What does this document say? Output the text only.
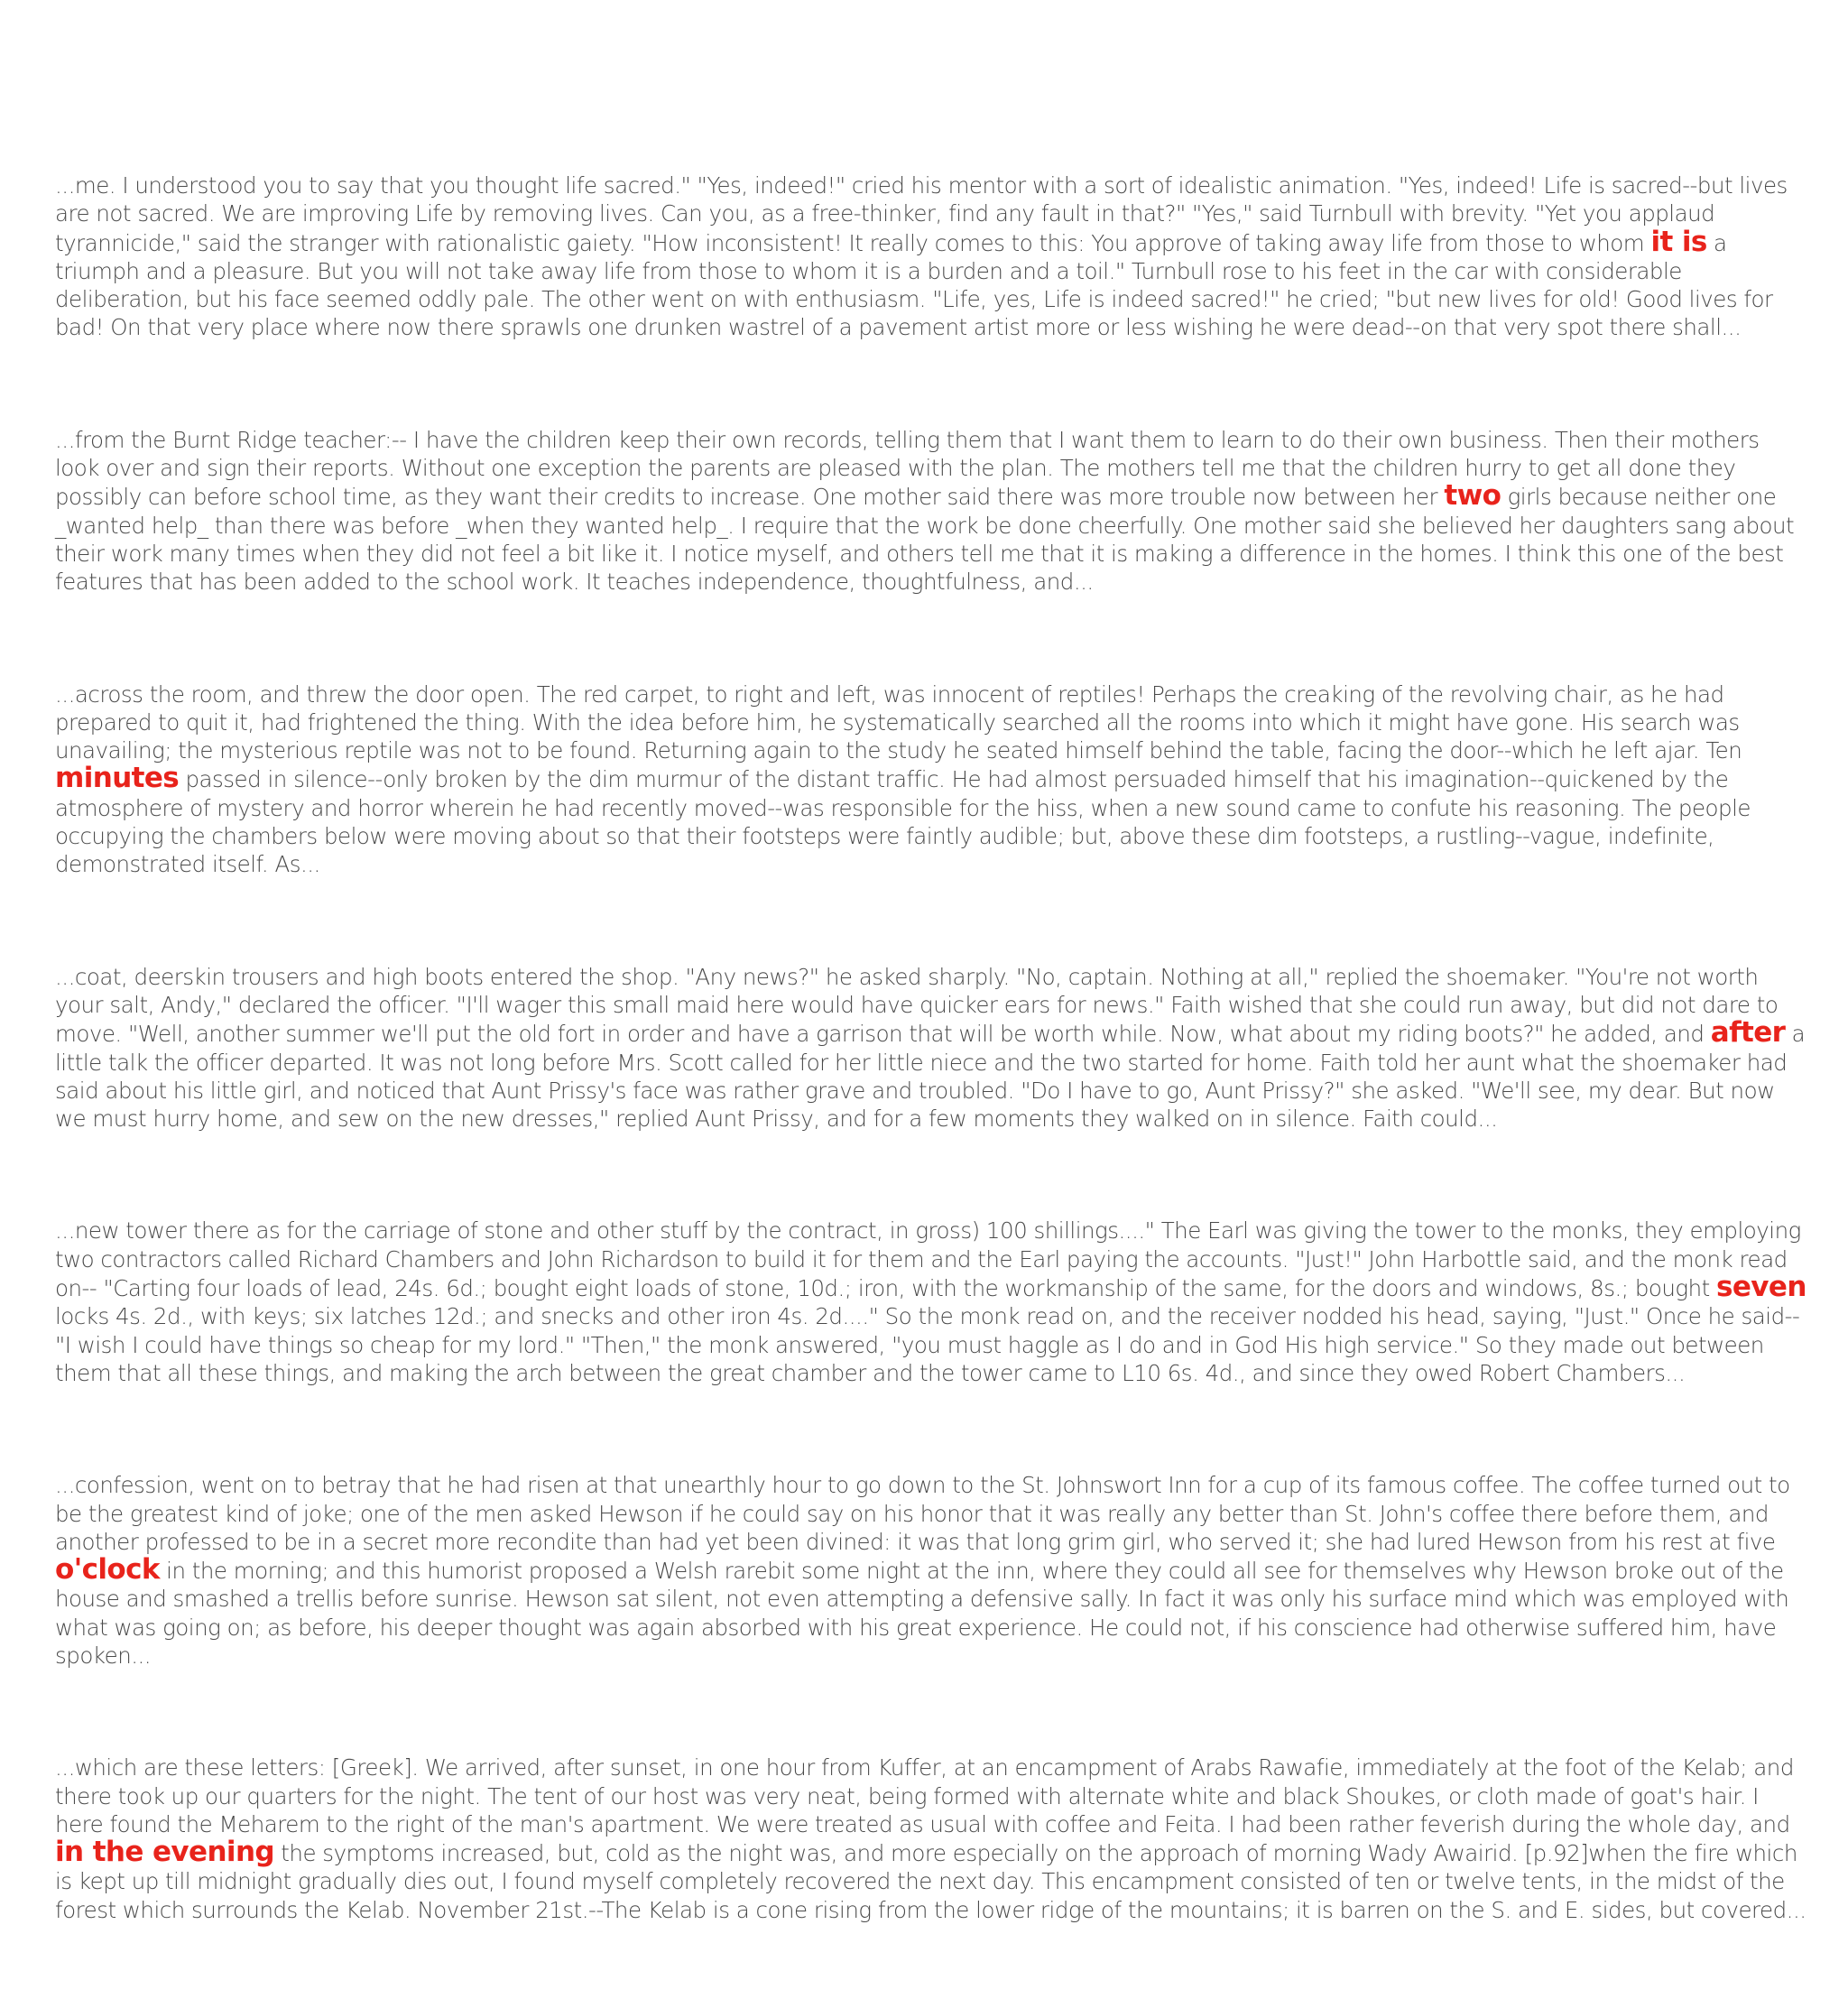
...me. I understood you to say that you thought life sacred." "Yes, indeed!" cried his mentor with a sort of idealistic animation. "Yes, indeed! Life is sacred--but lives are not sacred. We are improving Life by removing lives. Can you, as a free-thinker, find any fault in that?" "Yes," said Turnbull with brevity. "Yet you applaud tyrannicide," said the stranger with rationalistic gaiety. "How inconsistent! It really comes to this: You approve of taking away life from those to whom it is a triumph and a pleasure. But you will not take away life from those to whom it is a burden and a toil." Turnbull rose to his feet in the car with considerable deliberation, but his face seemed oddly pale. The other went on with enthusiasm. "Life, yes, Life is indeed sacred!" he cried; "but new lives for old! Good lives for bad! On that very place where now there sprawls one drunken wastrel of a pavement artist more or less wishing he were dead--on that very spot there shall...

...from the Burnt Ridge teacher:-- I have the children keep their own records, telling them that I want them to learn to do their own business. Then their mothers look over and sign their reports. Without one exception the parents are pleased with the plan. The mothers tell me that the children hurry to get all done they possibly can before school time, as they want their credits to increase. One mother said there was more trouble now between her two girls because neither one _wanted help_ than there was before _when they wanted help_. I require that the work be done cheerfully. One mother said she believed her daughters sang about their work many times when they did not feel a bit like it. I notice myself, and others tell me that it is making a difference in the homes. I think this one of the best features that has been added to the school work. It teaches independence, thoughtfulness, and...

...across the room, and threw the door open. The red carpet, to right and left, was innocent of reptiles! Perhaps the creaking of the revolving chair, as he had prepared to quit it, had frightened the thing. With the idea before him, he systematically searched all the rooms into which it might have gone. His search was unavailing; the mysterious reptile was not to be found. Returning again to the study he seated himself behind the table, facing the door--which he left ajar. Ten minutes passed in silence--only broken by the dim murmur of the distant traffic. He had almost persuaded himself that his imagination--quickened by the atmosphere of mystery and horror wherein he had recently moved--was responsible for the hiss, when a new sound came to confute his reasoning. The people occupying the chambers below were moving about so that their footsteps were faintly audible; but, above these dim footsteps, a rustling--vague, indefinite, demonstrated itself. As...

...coat, deerskin trousers and high boots entered the shop. "Any news?" he asked sharply. "No, captain. Nothing at all," replied the shoemaker. "You're not worth your salt, Andy," declared the officer. "I'll wager this small maid here would have quicker ears for news." Faith wished that she could run away, but did not dare to move. "Well, another summer we'll put the old fort in order and have a garrison that will be worth while. Now, what about my riding boots?" he added, and after a little talk the officer departed. It was not long before Mrs. Scott called for her little niece and the two started for home. Faith told her aunt what the shoemaker had said about his little girl, and noticed that Aunt Prissy's face was rather grave and troubled. "Do I have to go, Aunt Prissy?" she asked. "We'll see, my dear. But now we must hurry home, and sew on the new dresses," replied Aunt Prissy, and for a few moments they walked on in silence. Faith could...

...new tower there as for the carriage of stone and other stuff by the contract, in gross) 100 shillings...." The Earl was giving the tower to the monks, they employing two contractors called Richard Chambers and John Richardson to build it for them and the Earl paying the accounts. "Just!" John Harbottle said, and the monk read on-- "Carting four loads of lead, 24s. 6d.; bought eight loads of stone, 10d.; iron, with the workmanship of the same, for the doors and windows, 8s.; bought seven locks 4s. 2d., with keys; six latches 12d.; and snecks and other iron 4s. 2d...." So the monk read on, and the receiver nodded his head, saying, "Just." Once he said-- "I wish I could have things so cheap for my lord." "Then," the monk answered, "you must haggle as I do and in God His high service." So they made out between them that all these things, and making the arch between the great chamber and the tower came to L10 6s. 4d., and since they owed Robert Chambers...

...confession, went on to betray that he had risen at that unearthly hour to go down to the St. Johnswort Inn for a cup of its famous coffee. The coffee turned out to be the greatest kind of joke; one of the men asked Hewson if he could say on his honor that it was really any better than St. John's coffee there before them, and another professed to be in a secret more recondite than had yet been divined: it was that long grim girl, who served it; she had lured Hewson from his rest at five o'clock in the morning; and this humorist proposed a Welsh rarebit some night at the inn, where they could all see for themselves why Hewson broke out of the house and smashed a trellis before sunrise. Hewson sat silent, not even attempting a defensive sally. In fact it was only his surface mind which was employed with what was going on; as before, his deeper thought was again absorbed with his great experience. He could not, if his conscience had otherwise suffered him, have spoken...

...which are these letters: [Greek]. We arrived, after sunset, in one hour from Kuffer, at an encampment of Arabs Rawafie, immediately at the foot of the Kelab; and there took up our quarters for the night. The tent of our host was very neat, being formed with alternate white and black Shoukes, or cloth made of goat's hair. I here found the Meharem to the right of the man's apartment. We were treated as usual with coffee and Feita. I had been rather feverish during the whole day, and in the evening the symptoms increased, but, cold as the night was, and more especially on the approach of morning Wady Awairid. [p.92]when the fire which is kept up till midnight gradually dies out, I found myself completely recovered the next day. This encampment consisted of ten or twelve tents, in the midst of the forest which surrounds the Kelab. November 21st.--The Kelab is a cone rising from the lower ridge of the mountains; it is barren on the S. and E. sides, but covered...
